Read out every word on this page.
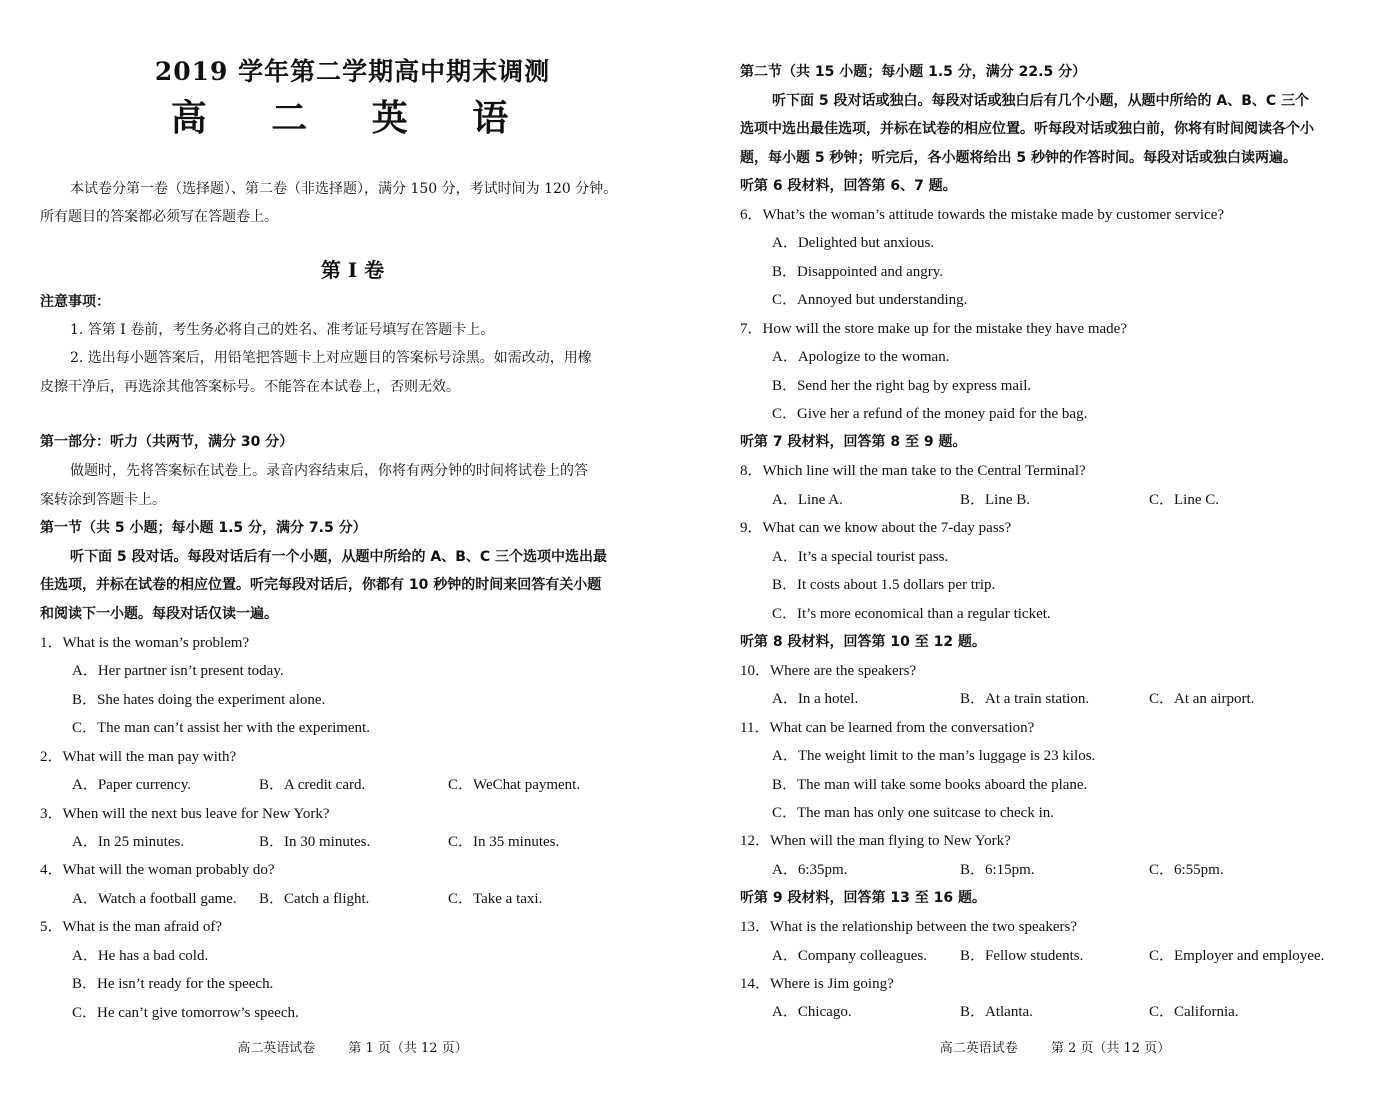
2019 学年第二学期高中期末调测
高 二 英 语
本试卷分第一卷（选择题）、第二卷（非选择题），满分 150 分，考试时间为 120 分钟。
所有题目的答案都必须写在答题卷上。
第 I 卷
注意事项：
1. 答第 I 卷前，考生务必将自己的姓名、准考证号填写在答题卡上。
2. 选出每小题答案后，用铅笔把答题卡上对应题目的答案标号涂黑。如需改动，用橡
皮擦干净后，再选涂其他答案标号。不能答在本试卷上，否则无效。
第一部分：听力（共两节，满分 30 分）
做题时，先将答案标在试卷上。录音内容结束后，你将有两分钟的时间将试卷上的答
案转涂到答题卡上。
第一节（共 5 小题；每小题 1.5 分，满分 7.5 分）
听下面 5 段对话。每段对话后有一个小题，从题中所给的 A、B、C 三个选项中选出最
佳选项，并标在试卷的相应位置。听完每段对话后，你都有 10 秒钟的时间来回答有关小题
和阅读下一小题。每段对话仅读一遍。
1．What is the woman’s problem?
A．Her partner isn’t present today.
B．She hates doing the experiment alone.
C．The man can’t assist her with the experiment.
2．What will the man pay with?
A．Paper currency.	B．A credit card.	C．WeChat payment.
3．When will the next bus leave for New York?
A．In 25 minutes.	B．In 30 minutes.	C．In 35 minutes.
4．What will the woman probably do?
A．Watch a football game. B．Catch a flight.	C．Take a taxi.
5．What is the man afraid of?
A．He has a bad cold.
B．He isn’t ready for the speech.
C．He can’t give tomorrow’s speech.
高二英语试卷        第 1 页（共 12 页）
第二节（共 15 小题；每小题 1.5 分，满分 22.5 分）
听下面 5 段对话或独白。每段对话或独白后有几个小题，从题中所给的 A、B、C 三个
选项中选出最佳选项，并标在试卷的相应位置。听每段对话或独白前，你将有时间阅读各个小
题，每小题 5 秒钟；听完后，各小题将给出 5 秒钟的作答时间。每段对话或独白读两遍。
听第 6 段材料，回答第 6、7 题。
6．What’s the woman’s attitude towards the mistake made by customer service?
A．Delighted but anxious.
B．Disappointed and angry.
C．Annoyed but understanding.
7．How will the store make up for the mistake they have made?
A．Apologize to the woman.
B．Send her the right bag by express mail.
C．Give her a refund of the money paid for the bag.
听第 7 段材料，回答第 8 至 9 题。
8．Which line will the man take to the Central Terminal?
A．Line A.	B．Line B.	C．Line C.
9．What can we know about the 7-day pass?
A．It’s a special tourist pass.
B．It costs about 1.5 dollars per trip.
C．It’s more economical than a regular ticket.
听第 8 段材料，回答第 10 至 12 题。
10．Where are the speakers?
A．In a hotel.	B．At a train station.	C．At an airport.
11．What can be learned from the conversation?
A．The weight limit to the man’s luggage is 23 kilos.
B．The man will take some books aboard the plane.
C．The man has only one suitcase to check in.
12．When will the man flying to New York?
A．6:35pm.	B．6:15pm.	C．6:55pm.
听第 9 段材料，回答第 13 至 16 题。
13．What is the relationship between the two speakers?
A．Company colleagues. B．Fellow students.	C．Employer and employee.
14．Where is Jim going?
A．Chicago.	B．Atlanta.	C．California.
高二英语试卷        第 2 页（共 12 页）
